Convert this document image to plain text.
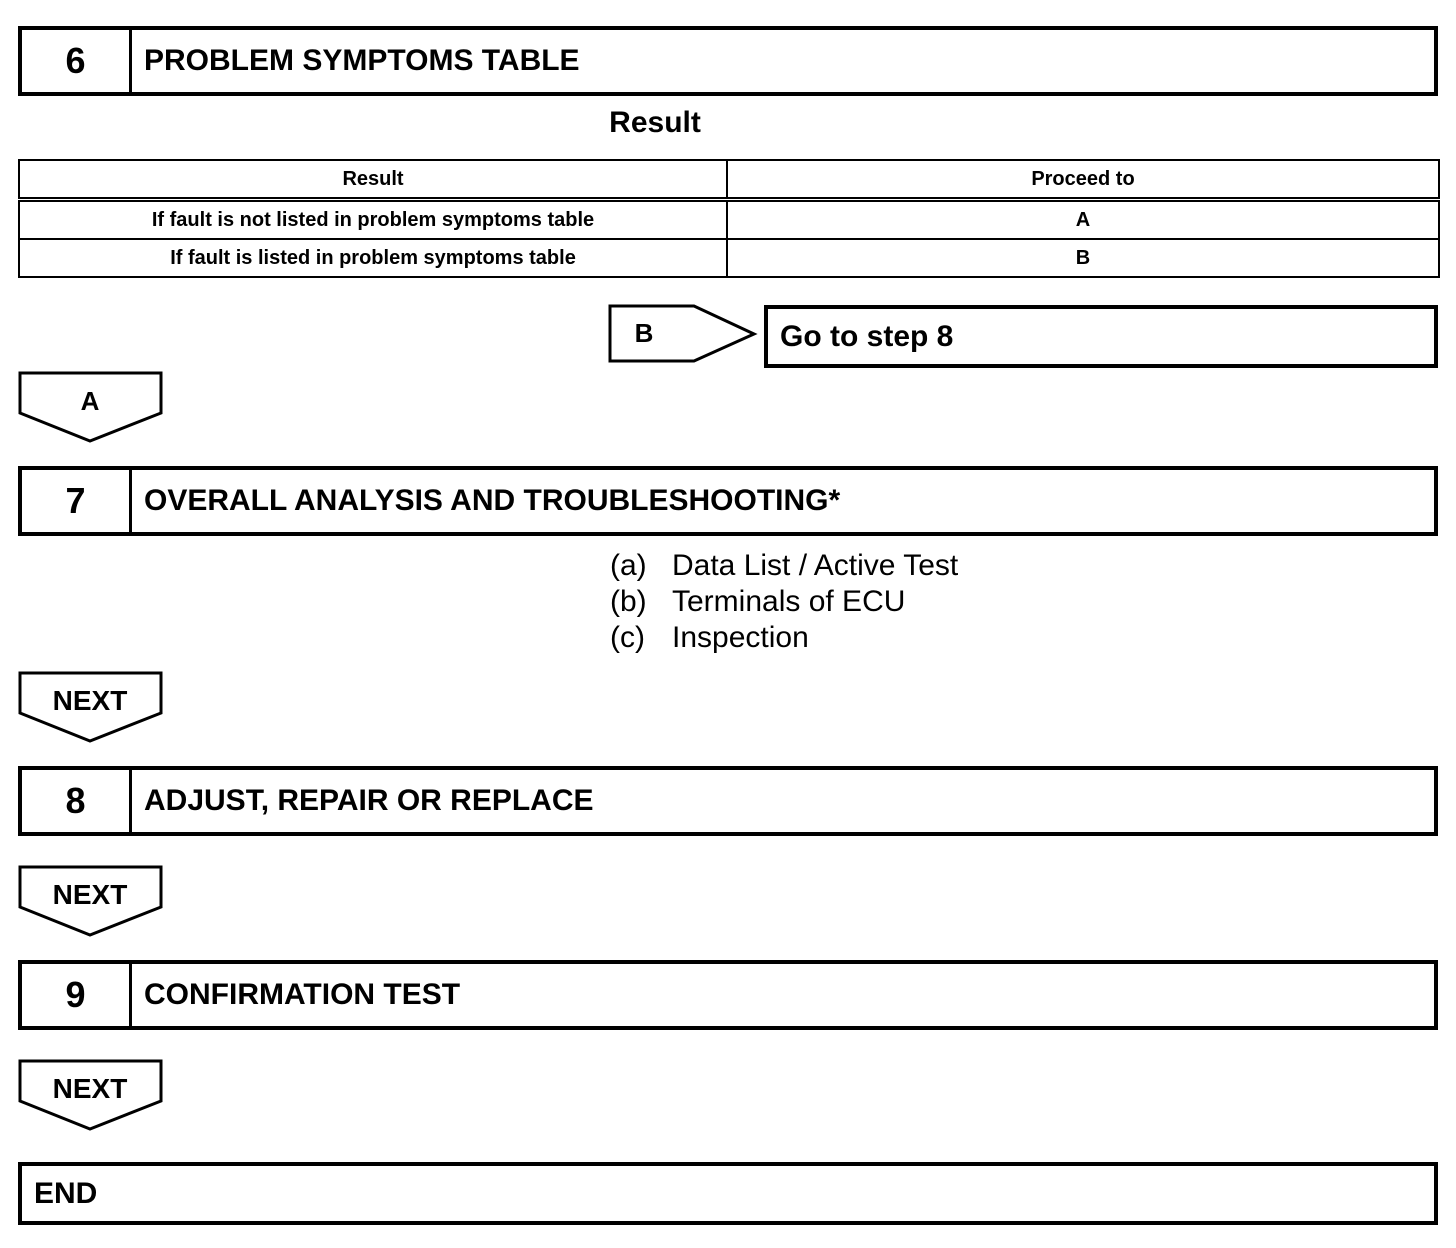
6	PROBLEM SYMPTOMS TABLE
Result
Result	Proceed to
If fault is not listed in problem symptoms table	A
If fault is listed in problem symptoms table	B
B	Go to step 8
A
7	OVERALL ANALYSIS AND TROUBLESHOOTING*
(a) Data List / Active Test
(b) Terminals of ECU
(c) Inspection
NEXT
8	ADJUST, REPAIR OR REPLACE
NEXT
9	CONFIRMATION TEST
NEXT
END
